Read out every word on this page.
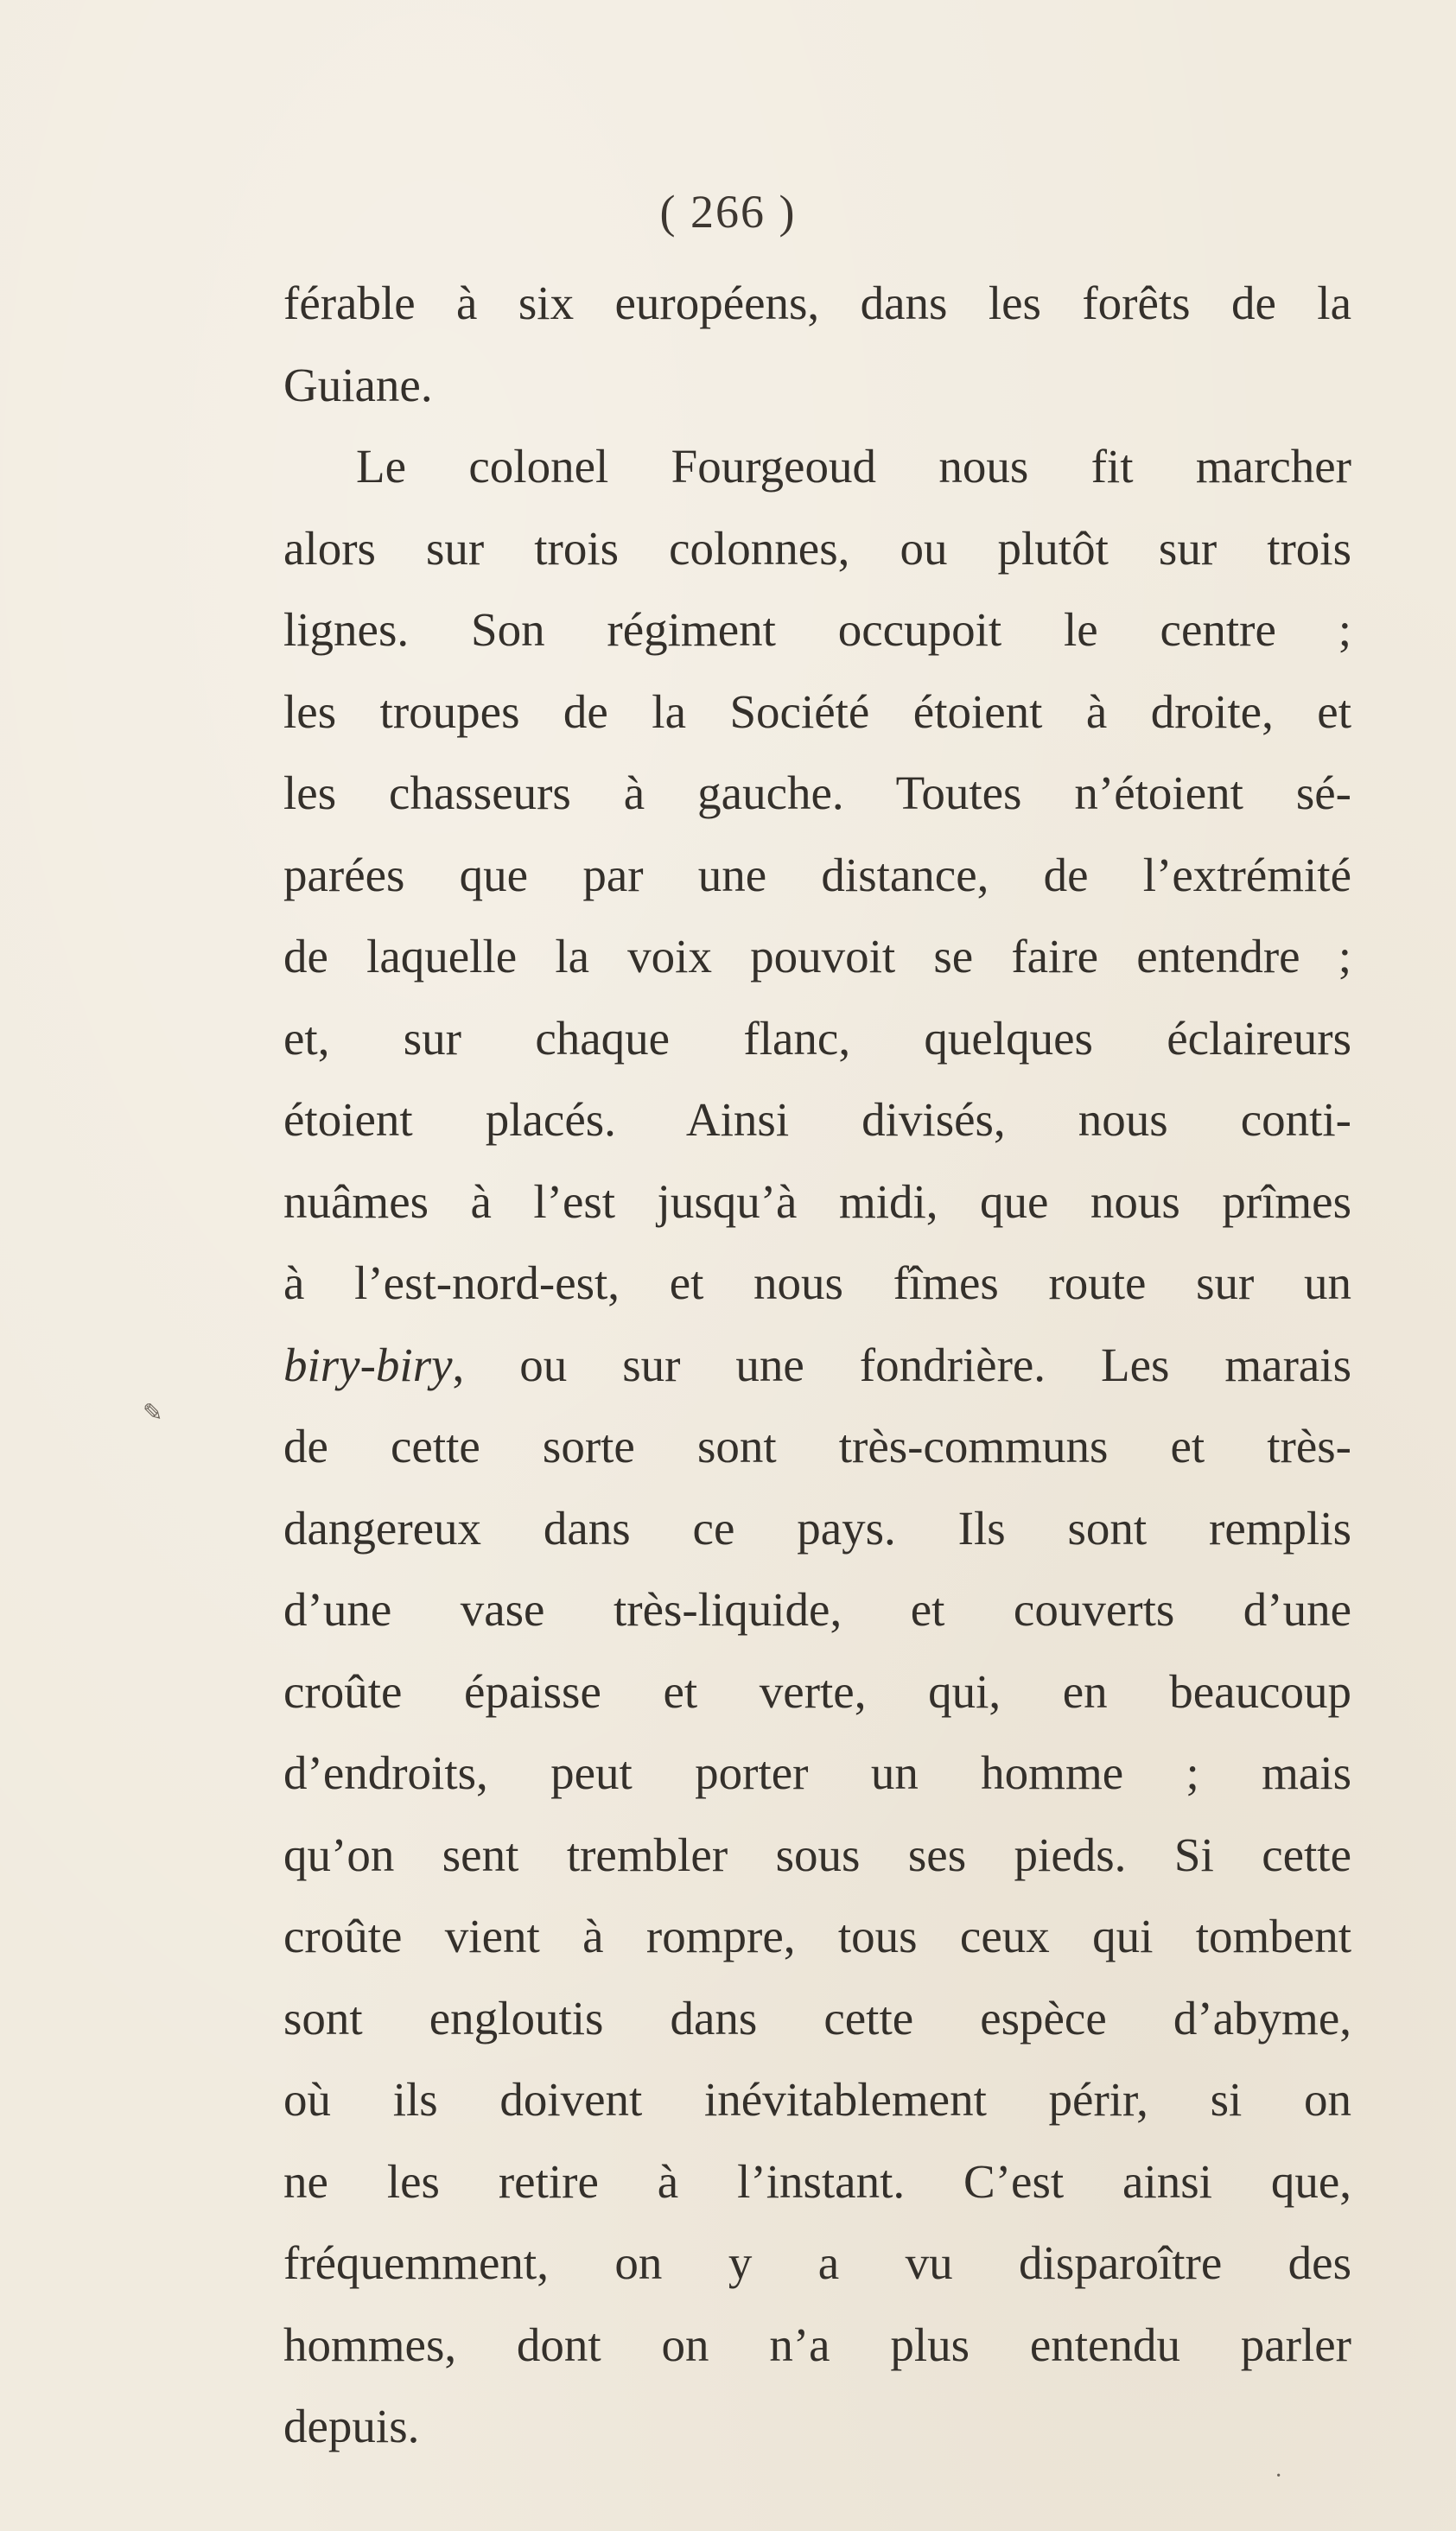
( 266 )
férable à six européens, dans les forêts de la
Guiane.
Le colonel Fourgeoud nous fit marcher
alors sur trois colonnes, ou plutôt sur trois
lignes. Son régiment occupoit le centre ;
les troupes de la Société étoient à droite, et
les chasseurs à gauche. Toutes n’étoient sé-
parées que par une distance, de l’extrémité
de laquelle la voix pouvoit se faire entendre ;
et, sur chaque flanc, quelques éclaireurs
étoient placés. Ainsi divisés, nous conti-
nuâmes à l’est jusqu’à midi, que nous prîmes
à l’est-nord-est, et nous fîmes route sur un
biry-biry, ou sur une fondrière. Les marais
de cette sorte sont très-communs et très-
dangereux dans ce pays. Ils sont remplis
d’une vase très-liquide, et couverts d’une
croûte épaisse et verte, qui, en beaucoup
d’endroits, peut porter un homme ; mais
qu’on sent trembler sous ses pieds. Si cette
croûte vient à rompre, tous ceux qui tombent
sont engloutis dans cette espèce d’abyme,
où ils doivent inévitablement périr, si on
ne les retire à l’instant. C’est ainsi que,
fréquemment, on y a vu disparoître des
hommes, dont on n’a plus entendu parler
depuis.
✎
·
